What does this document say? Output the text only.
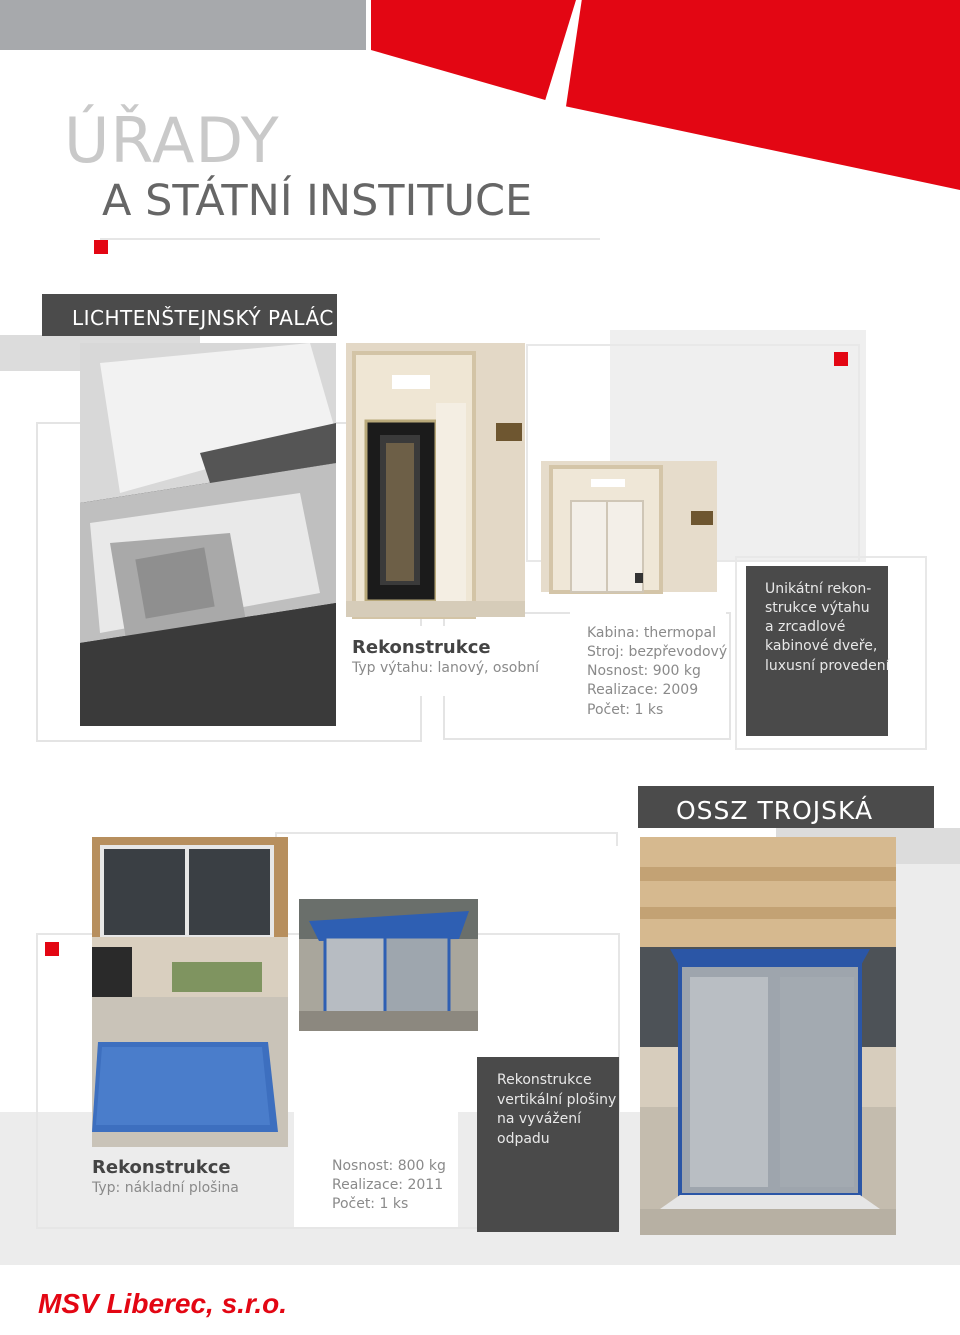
ÚŘADY
A STÁTNÍ INSTITUCE
LICHTENŠTEJNSKÝ PALÁC
Rekonstrukce
Typ výtahu: lanový, osobní
Kabina: thermopal
Stroj: bezpřevodový
Nosnost: 900 kg
Realizace: 2009
Počet: 1 ks
Unikátní rekon-
strukce výtahu
a zrcadlové
kabinové dveře,
luxusní provedení
OSSZ TROJSKÁ
Nosnost: 800 kg
Realizace: 2011
Počet: 1 ks
Rekonstrukce
Typ: nákladní plošina
Rekonstrukce
vertikální plošiny
na vyvážení
odpadu
MSV Liberec, s.r.o.
